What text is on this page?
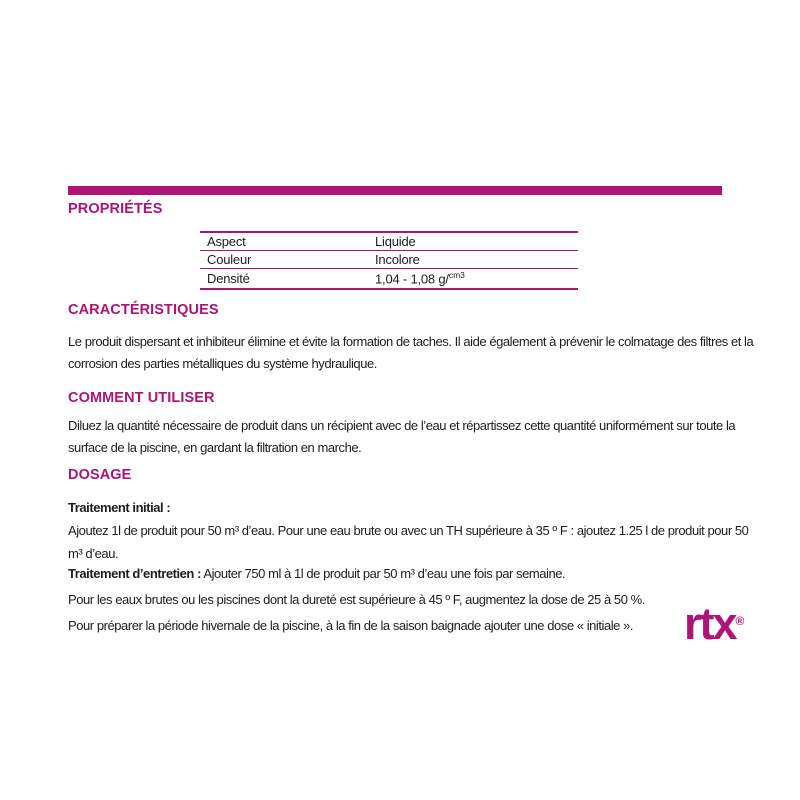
PROPRIÉTÉS
Aspect	Liquide
Couleur	Incolore
Densité	1,04 - 1,08 g/$^{cm3}$
CARACTÉRISTIQUES
Le produit dispersant et inhibiteur élimine et évite la formation de taches. Il aide également à prévenir le colmatage des filtres et la corrosion des parties métalliques du système hydraulique.
COMMENT UTILISER
Diluez la quantité nécessaire de produit dans un récipient avec de l’eau et répartissez cette quantité uniformément sur toute la surface de la piscine, en gardant la filtration en marche.
DOSAGE
Traitement initial :
Ajoutez 1l de produit pour 50 m³ d’eau. Pour une eau brute ou avec un TH supérieure à 35 º F : ajoutez 1.25 l de produit pour 50 m³ d’eau.
Traitement d’entretien : Ajouter 750 ml à 1l de produit par 50 m³ d’eau une fois par semaine.
Pour les eaux brutes ou les piscines dont la dureté est supérieure à 45 º F, augmentez la dose de 25 à 50 %.
Pour préparer la période hivernale de la piscine, à la fin de la saison baignade ajouter une dose « initiale ». rtx®
